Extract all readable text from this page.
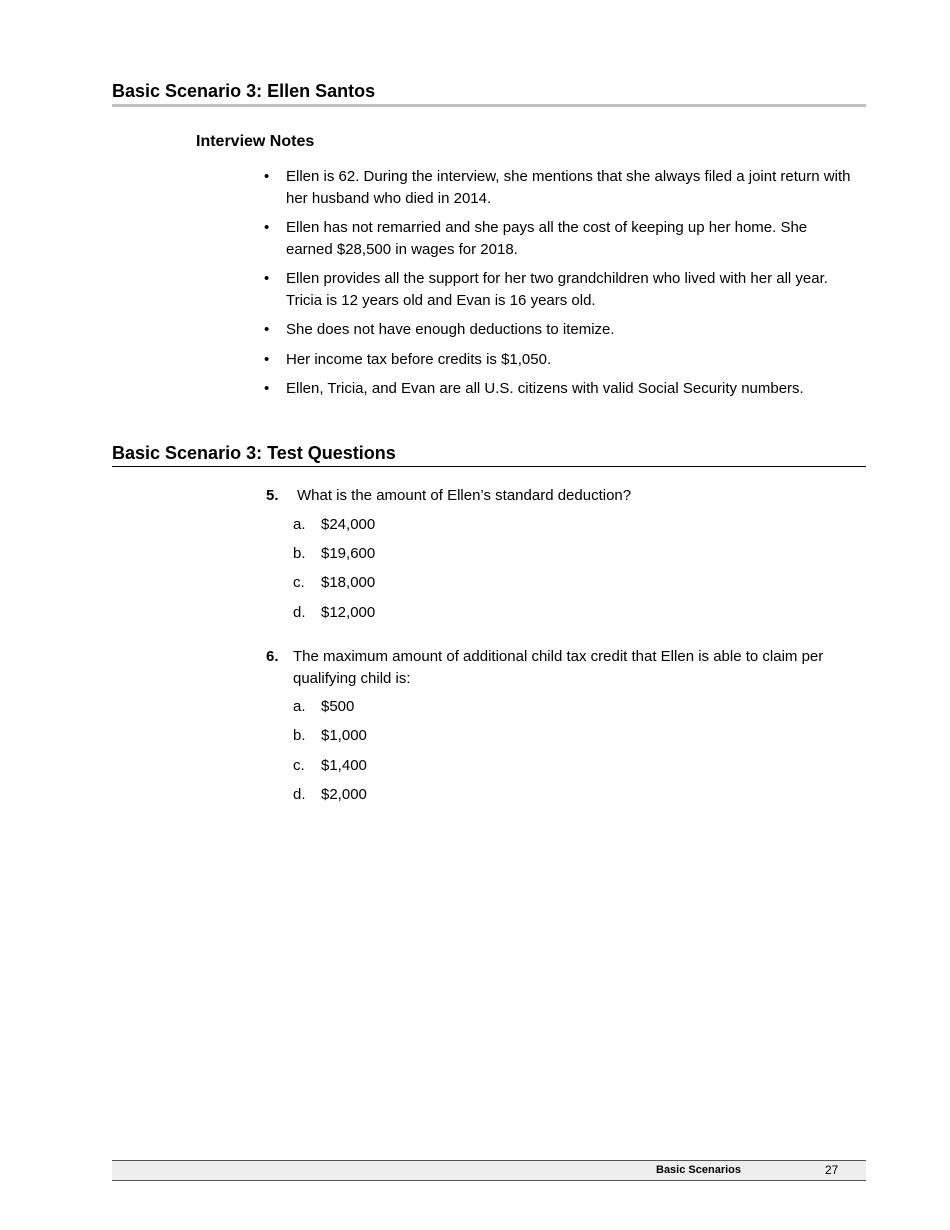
Basic Scenario 3: Ellen Santos
Interview Notes
• Ellen is 62. During the interview, she mentions that she always filed a joint return with her husband who died in 2014.
• Ellen has not remarried and she pays all the cost of keeping up her home. She earned $28,500 in wages for 2018.
• Ellen provides all the support for her two grandchildren who lived with her all year. Tricia is 12 years old and Evan is 16 years old.
• She does not have enough deductions to itemize.
• Her income tax before credits is $1,050.
• Ellen, Tricia, and Evan are all U.S. citizens with valid Social Security numbers.
Basic Scenario 3: Test Questions
5.	What is the amount of Ellen’s standard deduction?
a. $24,000
b. $19,600
c. $18,000
d. $12,000
6. The maximum amount of additional child tax credit that Ellen is able to claim per qualifying child is:
a. $500
b. $1,000
c. $1,400
d. $2,000
Basic Scenarios	27
